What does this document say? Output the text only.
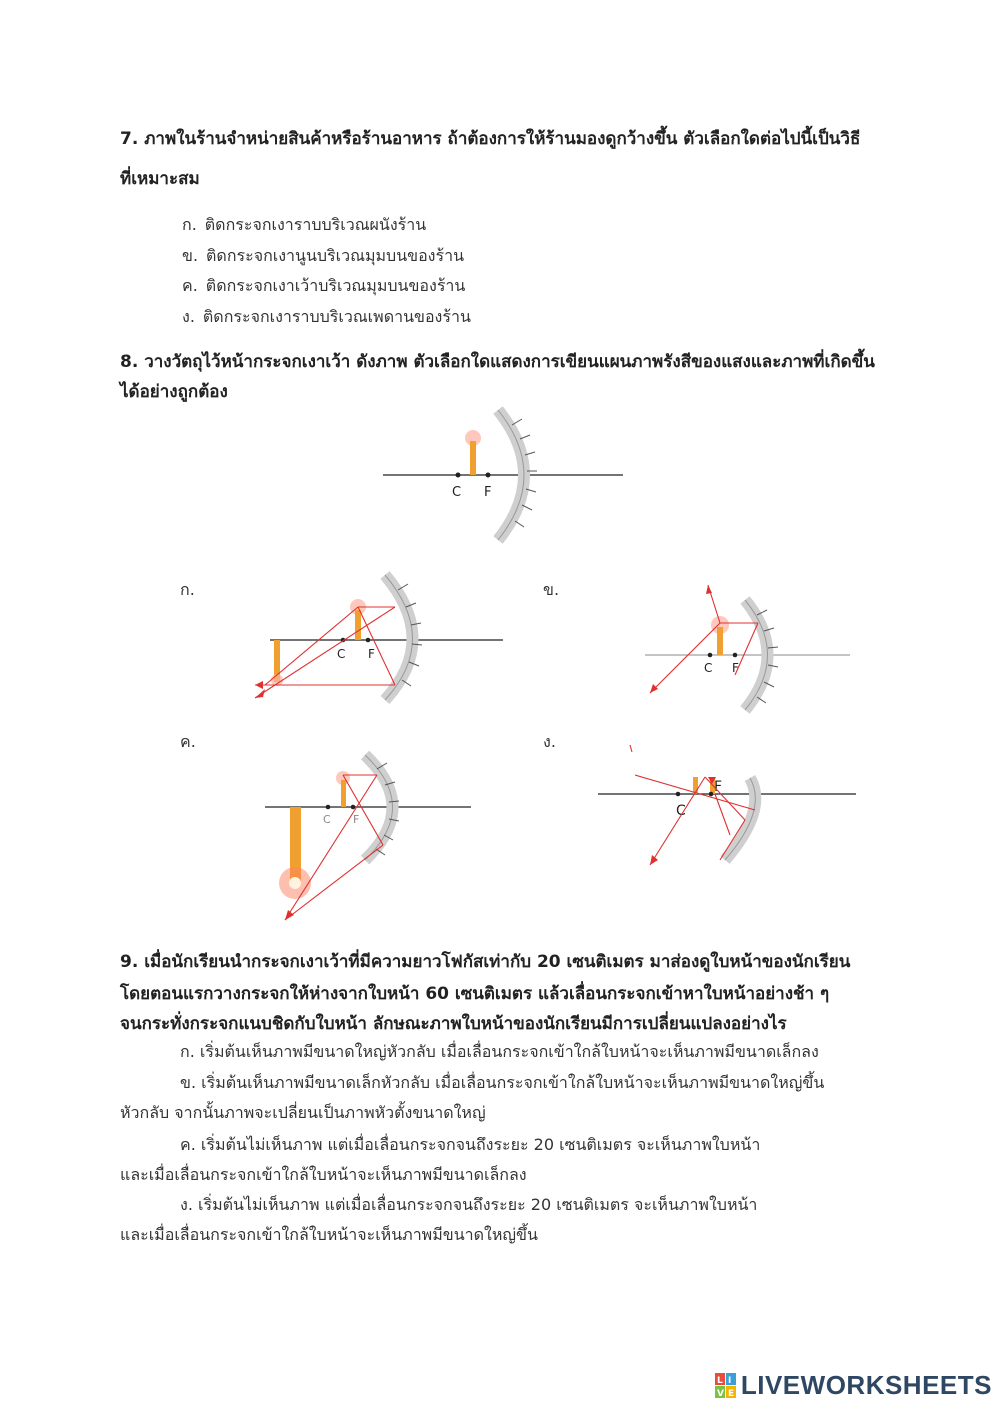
7. ภาพในร้านจำหน่ายสินค้าหรือร้านอาหาร ถ้าต้องการให้ร้านมองดูกว้างขึ้น ตัวเลือกใดต่อไปนี้เป็นวิธี
ที่เหมาะสม
ก. ติดกระจกเงาราบบริเวณผนังร้าน
ข. ติดกระจกเงานูนบริเวณมุมบนของร้าน
ค. ติดกระจกเงาเว้าบริเวณมุมบนของร้าน
ง. ติดกระจกเงาราบบริเวณเพดานของร้าน
8. วางวัตถุไว้หน้ากระจกเงาเว้า ดังภาพ ตัวเลือกใดแสดงการเขียนแผนภาพรังสีของแสงและภาพที่เกิดขึ้น
ได้อย่างถูกต้อง
C F
ก.	ข.
ค.	ง.
C F
C F
C F
C
F
9. เมื่อนักเรียนนำกระจกเงาเว้าที่มีความยาวโฟกัสเท่ากับ 20 เซนติเมตร มาส่องดูใบหน้าของนักเรียน
โดยตอนแรกวางกระจกให้ห่างจากใบหน้า 60 เซนติเมตร แล้วเลื่อนกระจกเข้าหาใบหน้าอย่างช้า ๆ
จนกระทั่งกระจกแนบชิดกับใบหน้า ลักษณะภาพใบหน้าของนักเรียนมีการเปลี่ยนแปลงอย่างไร
ก. เริ่มต้นเห็นภาพมีขนาดใหญ่หัวกลับ เมื่อเลื่อนกระจกเข้าใกล้ใบหน้าจะเห็นภาพมีขนาดเล็กลง
ข. เริ่มต้นเห็นภาพมีขนาดเล็กหัวกลับ เมื่อเลื่อนกระจกเข้าใกล้ใบหน้าจะเห็นภาพมีขนาดใหญ่ขึ้น
หัวกลับ จากนั้นภาพจะเปลี่ยนเป็นภาพหัวตั้งขนาดใหญ่
ค. เริ่มต้นไม่เห็นภาพ แต่เมื่อเลื่อนกระจกจนถึงระยะ 20 เซนติเมตร จะเห็นภาพใบหน้า
และเมื่อเลื่อนกระจกเข้าใกล้ใบหน้าจะเห็นภาพมีขนาดเล็กลง
ง. เริ่มต้นไม่เห็นภาพ แต่เมื่อเลื่อนกระจกจนถึงระยะ 20 เซนติเมตร จะเห็นภาพใบหน้า
และเมื่อเลื่อนกระจกเข้าใกล้ใบหน้าจะเห็นภาพมีขนาดใหญ่ขึ้น
L I
V E LIVEWORKSHEETS
